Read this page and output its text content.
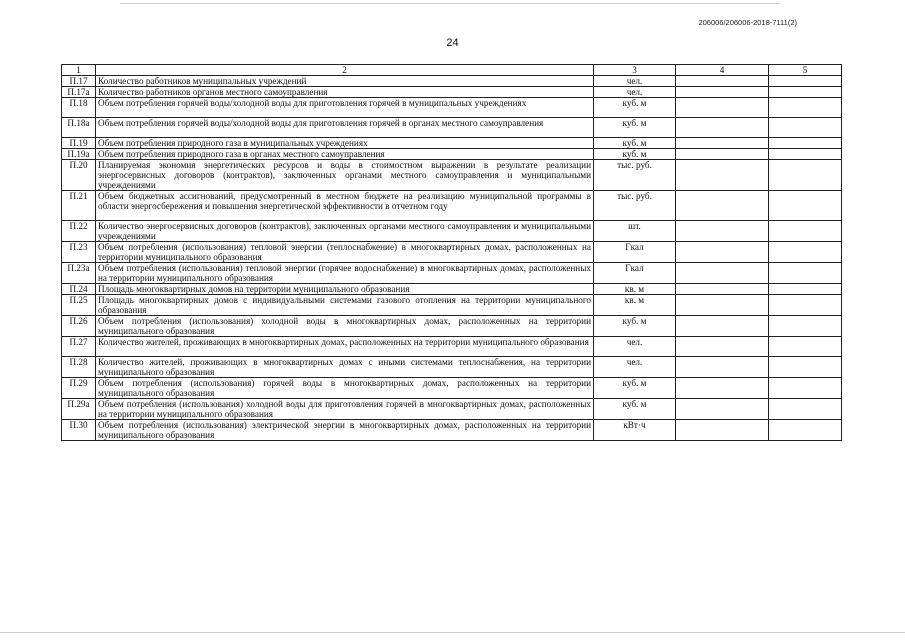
206006/206006-2018-7111(2)
24
1	2	3	4	5
П.17	Количество работников муниципальных учреждений	чел.		
П.17а	Количество работников органов местного самоуправления	чел.		
П.18	Объем потребления горячей воды/холодной воды для приготовления горячей в муниципальных учреждениях	куб. м		
П.18а	Объем потребления горячей воды/холодной воды для приготовления горячей в органах местного самоуправления	куб. м		
П.19	Объем потребления природного газа в муниципальных учреждениях	куб. м		
П.19а	Объем потребления природного газа в органах местного самоуправления	куб. м		
П.20	Планируемая экономия энергетических ресурсов и воды в стоимостном выражении в результате реализации энергосервисных договоров (контрактов), заключенных органами местного самоуправления и муниципальными учреждениями	тыс. руб.		
П.21	Объем бюджетных ассигнований, предусмотренный в местном бюджете на реализацию муниципальной программы в области энергосбережения и повышения энергетической эффективности в отчетном году	тыс. руб.		
П.22	Количество энергосервисных договоров (контрактов), заключенных органами местного самоуправления и муниципальными учреждениями	шт.		
П.23	Объем потребления (использования) тепловой энергии (теплоснабжение) в многоквартирных домах, расположенных на территории муниципального образования	Гкал		
П.23а	Объем потребления (использования) тепловой энергии (горячее водоснабжение) в многоквартирных домах, расположенных на территории муниципального образования	Гкал		
П.24	Площадь многоквартирных домов на территории муниципального образования	кв. м		
П.25	Площадь многоквартирных домов с индивидуальными системами газового отопления на территории муниципального образования	кв. м		
П.26	Объем потребления (использования) холодной воды в многоквартирных домах, расположенных на территории муниципального образования	куб. м		
П.27	Количество жителей, проживающих в многоквартирных домах, расположенных на территории муниципального образования	чел.		
П.28	Количество жителей, проживающих в многоквартирных домах с иными системами теплоснабжения, на территории муниципального образования	чел.		
П.29	Объем потребления (использования) горячей воды в многоквартирных домах, расположенных на территории муниципального образования	куб. м		
П.29а	Объем потребления (использования) холодной воды для приготовления горячей в многоквартирных домах, расположенных на территории муниципального образования	куб. м		
П.30	Объем потребления (использования) электрической энергии в многоквартирных домах, расположенных на территории муниципального образования	кВт·ч		
